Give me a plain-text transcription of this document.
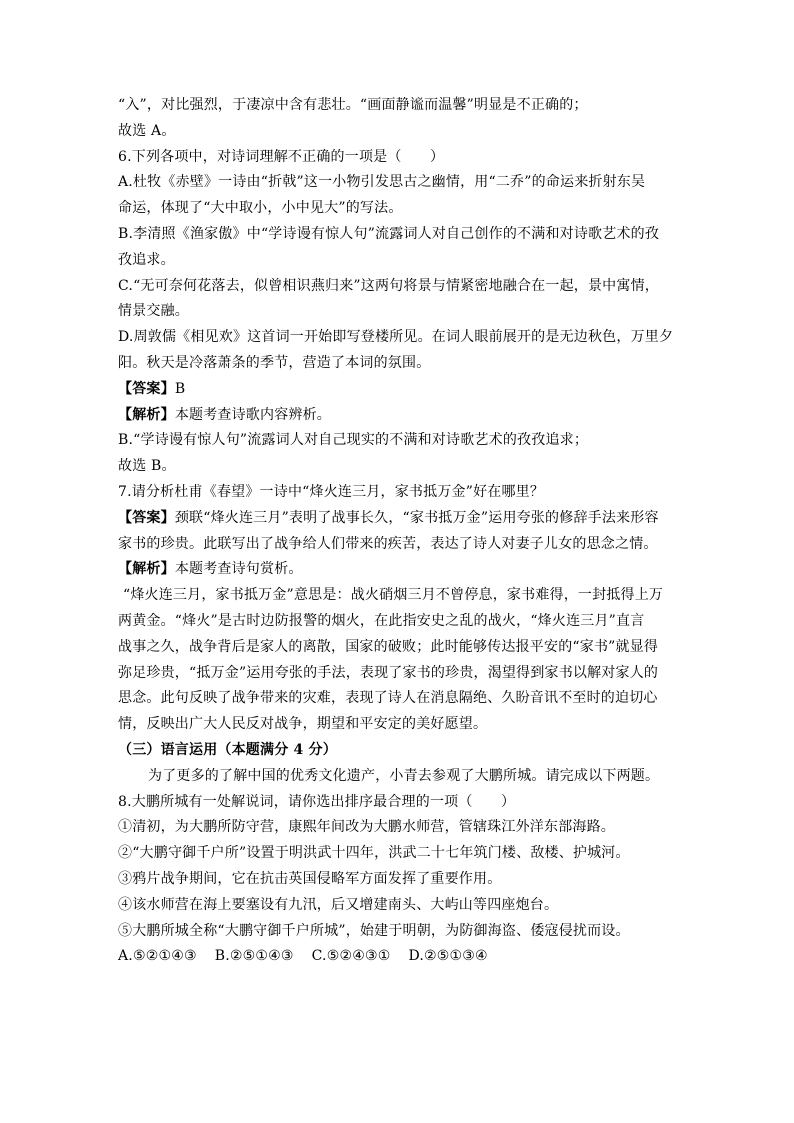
“入”，对比强烈，于凄凉中含有悲壮。“画面静谧而温馨”明显是不正确的；
故选 A。
6.下列各项中，对诗词理解不正确的一项是（　　）
A.杜牧《赤壁》一诗由“折戟”这一小物引发思古之幽情，用“二乔”的命运来折射东吴
命运，体现了“大中取小，小中见大”的写法。
B.李清照《渔家傲》中“学诗谩有惊人句”流露词人对自己创作的不满和对诗歌艺术的孜
孜追求。
C.“无可奈何花落去，似曾相识燕归来”这两句将景与情紧密地融合在一起，景中寓情，
情景交融。
D.周敦儒《相见欢》这首词一开始即写登楼所见。在词人眼前展开的是无边秋色，万里夕
阳。秋天是冷落萧条的季节，营造了本词的氛围。
【答案】B
【解析】本题考查诗歌内容辨析。
B.“学诗谩有惊人句”流露词人对自己现实的不满和对诗歌艺术的孜孜追求；
故选 B。
7.请分析杜甫《春望》一诗中“烽火连三月，家书抵万金”好在哪里？
【答案】颈联“烽火连三月”表明了战事长久，“家书抵万金”运用夸张的修辞手法来形容
家书的珍贵。此联写出了战争给人们带来的疾苦，表达了诗人对妻子儿女的思念之情。
【解析】本题考查诗句赏析。
“烽火连三月，家书抵万金”意思是：战火硝烟三月不曾停息，家书难得，一封抵得上万
两黄金。“烽火”是古时边防报警的烟火，在此指安史之乱的战火，“烽火连三月”直言
战事之久，战争背后是家人的离散，国家的破败；此时能够传达报平安的“家书”就显得
弥足珍贵，“抵万金”运用夸张的手法，表现了家书的珍贵，渴望得到家书以解对家人的
思念。此句反映了战争带来的灾难，表现了诗人在消息隔绝、久盼音讯不至时的迫切心
情，反映出广大人民反对战争，期望和平安定的美好愿望。
（三）语言运用（本题满分 4 分）
为了更多的了解中国的优秀文化遗产，小青去参观了大鹏所城。请完成以下两题。
8.大鹏所城有一处解说词，请你选出排序最合理的一项（　　）
①清初，为大鹏所防守营，康熙年间改为大鹏水师营，管辖珠江外洋东部海路。
②“大鹏守御千户所”设置于明洪武十四年，洪武二十七年筑门楼、敌楼、护城河。
③鸦片战争期间，它在抗击英国侵略军方面发挥了重要作用。
④该水师营在海上要塞设有九汛，后又增建南头、大屿山等四座炮台。
⑤大鹏所城全称“大鹏守御千户所城”，始建于明朝，为防御海盗、倭寇侵扰而设。
A.⑤②①④③ B.②⑤①④③ C.⑤②④③① D.②⑤①③④
